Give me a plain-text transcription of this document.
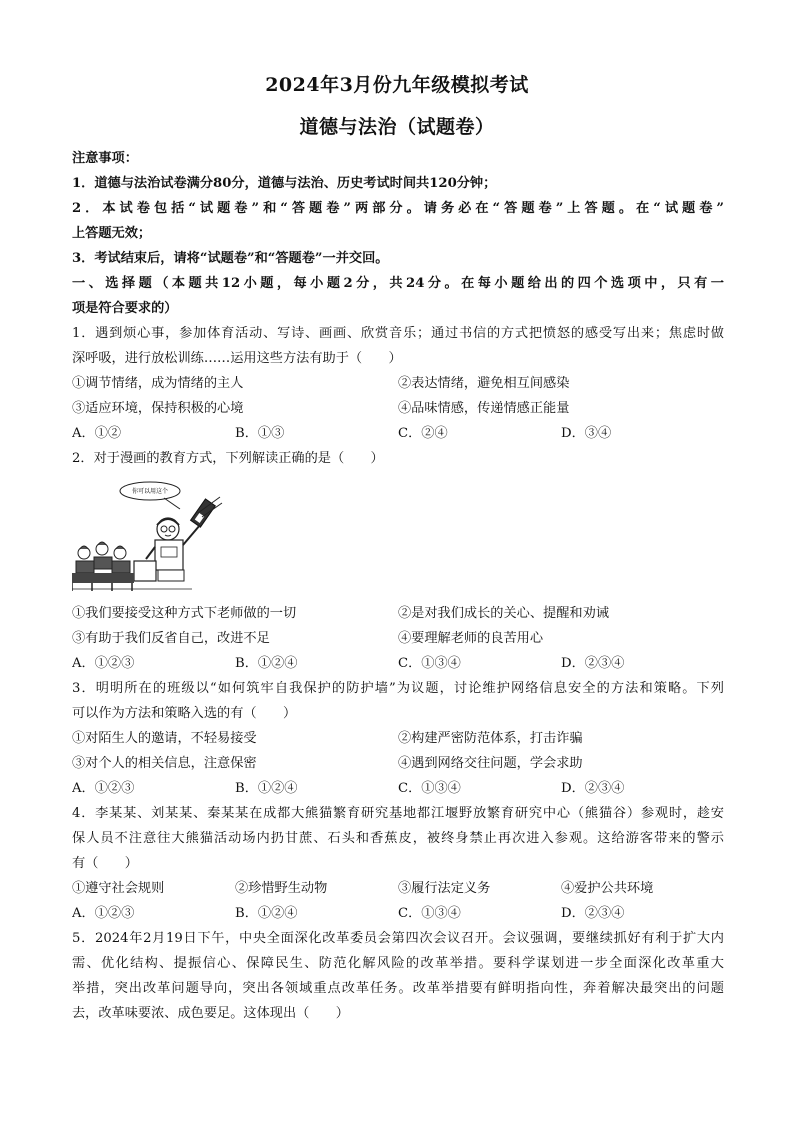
2024年3月份九年级模拟考试
道德与法治（试题卷）
注意事项：
1．道德与法治试卷满分80分，道德与法治、历史考试时间共120分钟；
2．本试卷包括“试题卷”和“答题卷”两部分。请务必在“答题卷”上答题。在“试题卷”
上答题无效；
3．考试结束后，请将“试题卷”和“答题卷”一并交回。
一、选择题（本题共12小题，每小题2分，共24分。在每小题给出的四个选项中，只有一
项是符合要求的）
1．遇到烦心事，参加体育活动、写诗、画画、欣赏音乐；通过书信的方式把愤怒的感受写出来；焦虑时做
深呼吸，进行放松训练……运用这些方法有助于（　　）
①调节情绪，成为情绪的主人	②表达情绪，避免相互间感染
③适应环境，保持积极的心境	④品味情感，传递情感正能量
A．①②	B．①③	C．②④	D．③④
2．对于漫画的教育方式，下列解读正确的是（　　）
你可以用这个
①我们要接受这种方式下老师做的一切	②是对我们成长的关心、提醒和劝诫
③有助于我们反省自己，改进不足	④要理解老师的良苦用心
A．①②③	B．①②④	C．①③④	D．②③④
3．明明所在的班级以“如何筑牢自我保护的防护墙”为议题，讨论维护网络信息安全的方法和策略。下列
可以作为方法和策略入选的有（　　）
①对陌生人的邀请，不轻易接受	②构建严密防范体系，打击诈骗
③对个人的相关信息，注意保密	④遇到网络交往问题，学会求助
A．①②③	B．①②④	C．①③④	D．②③④
4．李某某、刘某某、秦某某在成都大熊猫繁育研究基地都江堰野放繁育研究中心（熊猫谷）参观时，趁安
保人员不注意往大熊猫活动场内扔甘蔗、石头和香蕉皮，被终身禁止再次进入参观。这给游客带来的警示
有（　　）
①遵守社会规则	②珍惜野生动物	③履行法定义务	④爱护公共环境
A．①②③	B．①②④	C．①③④	D．②③④
5．2024年2月19日下午，中央全面深化改革委员会第四次会议召开。会议强调，要继续抓好有利于扩大内
需、优化结构、提振信心、保障民生、防范化解风险的改革举措。要科学谋划进一步全面深化改革重大
举措，突出改革问题导向，突出各领域重点改革任务。改革举措要有鲜明指向性，奔着解决最突出的问题
去，改革味要浓、成色要足。这体现出（　　）
